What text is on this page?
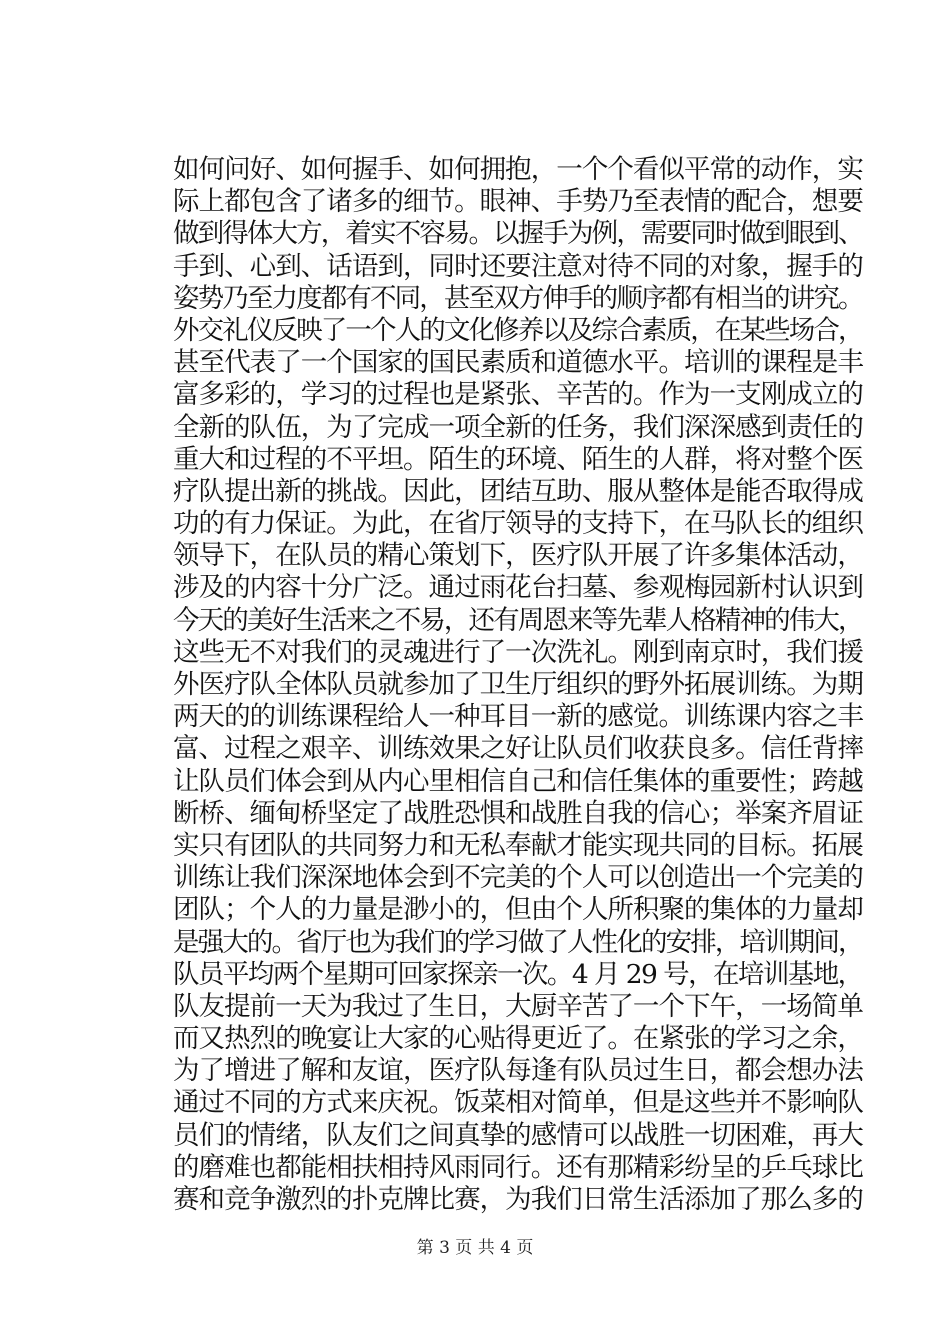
如何问好、如何握手、如何拥抱，一个个看似平常的动作，实
际上都包含了诸多的细节。眼神、手势乃至表情的配合，想要
做到得体大方，着实不容易。以握手为例，需要同时做到眼到、
手到、心到、话语到，同时还要注意对待不同的对象，握手的
姿势乃至力度都有不同，甚至双方伸手的顺序都有相当的讲究。
外交礼仪反映了一个人的文化修养以及综合素质，在某些场合，
甚至代表了一个国家的国民素质和道德水平。培训的课程是丰
富多彩的，学习的过程也是紧张、辛苦的。作为一支刚成立的
全新的队伍，为了完成一项全新的任务，我们深深感到责任的
重大和过程的不平坦。陌生的环境、陌生的人群，将对整个医
疗队提出新的挑战。因此，团结互助、服从整体是能否取得成
功的有力保证。为此，在省厅领导的支持下，在马队长的组织
领导下，在队员的精心策划下，医疗队开展了许多集体活动，
涉及的内容十分广泛。通过雨花台扫墓、参观梅园新村认识到
今天的美好生活来之不易，还有周恩来等先辈人格精神的伟大，
这些无不对我们的灵魂进行了一次洗礼。刚到南京时，我们援
外医疗队全体队员就参加了卫生厅组织的野外拓展训练。为期
两天的的训练课程给人一种耳目一新的感觉。训练课内容之丰
富、过程之艰辛、训练效果之好让队员们收获良多。信任背摔
让队员们体会到从内心里相信自己和信任集体的重要性；跨越
断桥、缅甸桥坚定了战胜恐惧和战胜自我的信心；举案齐眉证
实只有团队的共同努力和无私奉献才能实现共同的目标。拓展
训练让我们深深地体会到不完美的个人可以创造出一个完美的
团队；个人的力量是渺小的，但由个人所积聚的集体的力量却
是强大的。省厅也为我们的学习做了人性化的安排，培训期间，
队员平均两个星期可回家探亲一次。4 月 29 号，在培训基地，
队友提前一天为我过了生日，大厨辛苦了一个下午，一场简单
而又热烈的晚宴让大家的心贴得更近了。在紧张的学习之余，
为了增进了解和友谊，医疗队每逢有队员过生日，都会想办法
通过不同的方式来庆祝。饭菜相对简单，但是这些并不影响队
员们的情绪，队友们之间真挚的感情可以战胜一切困难，再大
的磨难也都能相扶相持风雨同行。还有那精彩纷呈的乒乓球比
赛和竞争激烈的扑克牌比赛，为我们日常生活添加了那么多的
第 3 页 共 4 页
